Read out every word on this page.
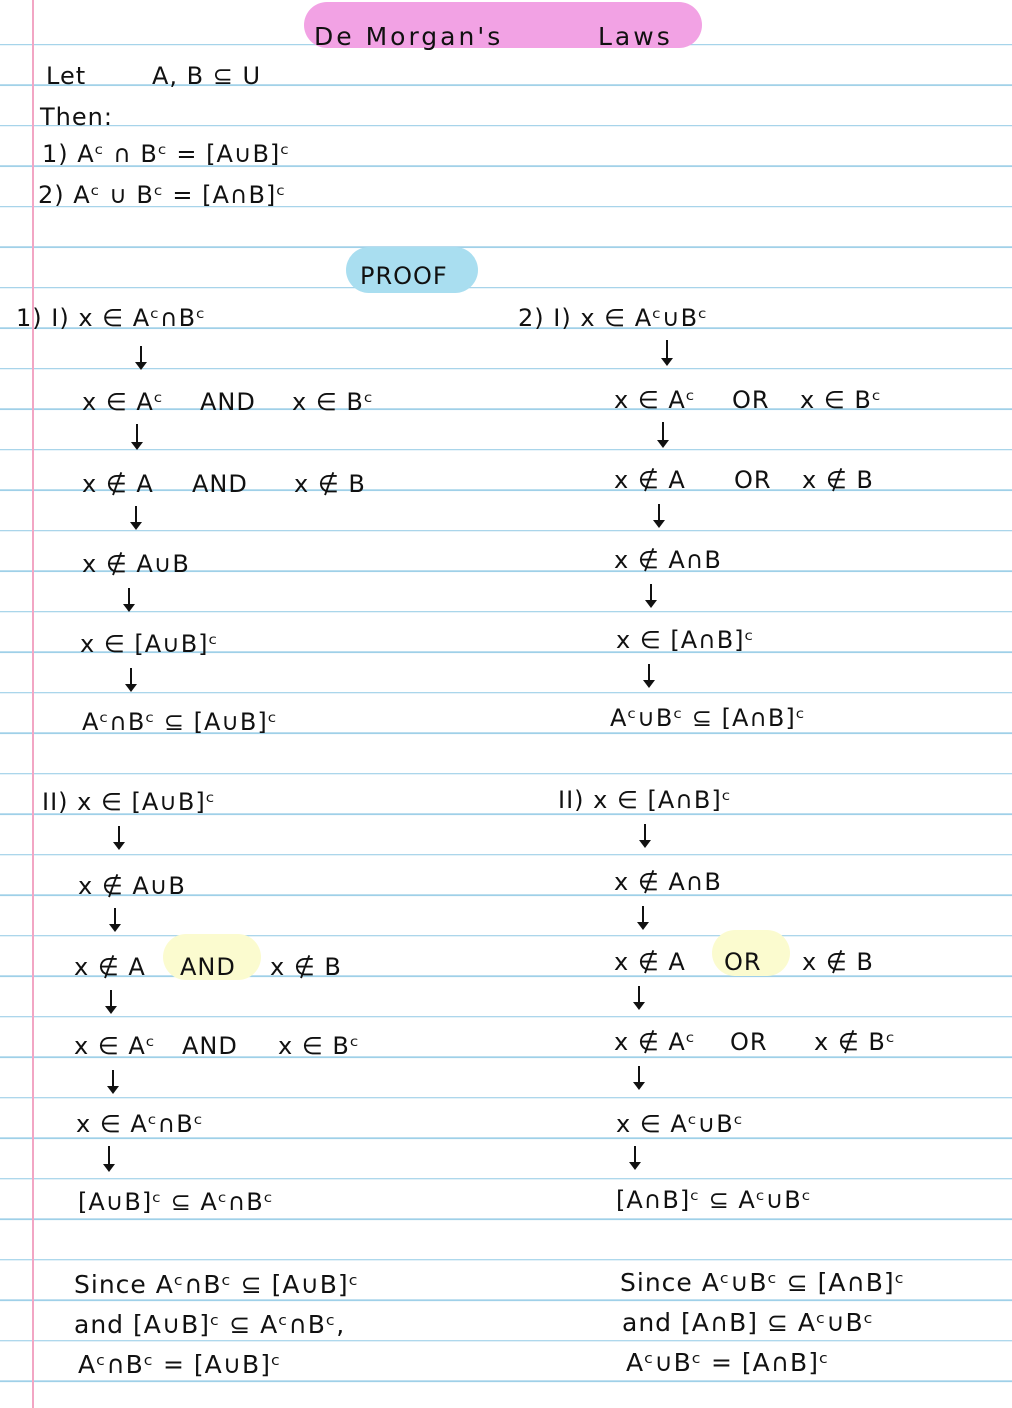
De Morgan's	Laws
Let	A, B ⊆ U
Then:
1) Aᶜ ∩ Bᶜ = [A∪B]ᶜ
2) Aᶜ ∪ Bᶜ = [A∩B]ᶜ
PROOF
1) I) x ∈ Aᶜ∩Bᶜ
x ∈ Aᶜ AND x ∈ Bᶜ
x ∉ A AND x ∉ B
x ∉ A∪B
x ∈ [A∪B]ᶜ
Aᶜ∩Bᶜ ⊆ [A∪B]ᶜ
2) I) x ∈ Aᶜ∪Bᶜ
x ∈ Aᶜ OR x ∈ Bᶜ
x ∉ A OR x ∉ B
x ∉ A∩B
x ∈ [A∩B]ᶜ
Aᶜ∪Bᶜ ⊆ [A∩B]ᶜ
II) x ∈ [A∪B]ᶜ
x ∉ A∪B
x ∉ A AND x ∉ B
x ∈ Aᶜ AND x ∈ Bᶜ
x ∈ Aᶜ∩Bᶜ
[A∪B]ᶜ ⊆ Aᶜ∩Bᶜ
II) x ∈ [A∩B]ᶜ
x ∉ A∩B
x ∉ A OR x ∉ B
x ∉ Aᶜ OR x ∉ Bᶜ
x ∈ Aᶜ∪Bᶜ
[A∩B]ᶜ ⊆ Aᶜ∪Bᶜ
Since Aᶜ∩Bᶜ ⊆ [A∪B]ᶜ
and [A∪B]ᶜ ⊆ Aᶜ∩Bᶜ,
Aᶜ∩Bᶜ = [A∪B]ᶜ
Since Aᶜ∪Bᶜ ⊆ [A∩B]ᶜ
and [A∩B] ⊆ Aᶜ∪Bᶜ
Aᶜ∪Bᶜ = [A∩B]ᶜ
